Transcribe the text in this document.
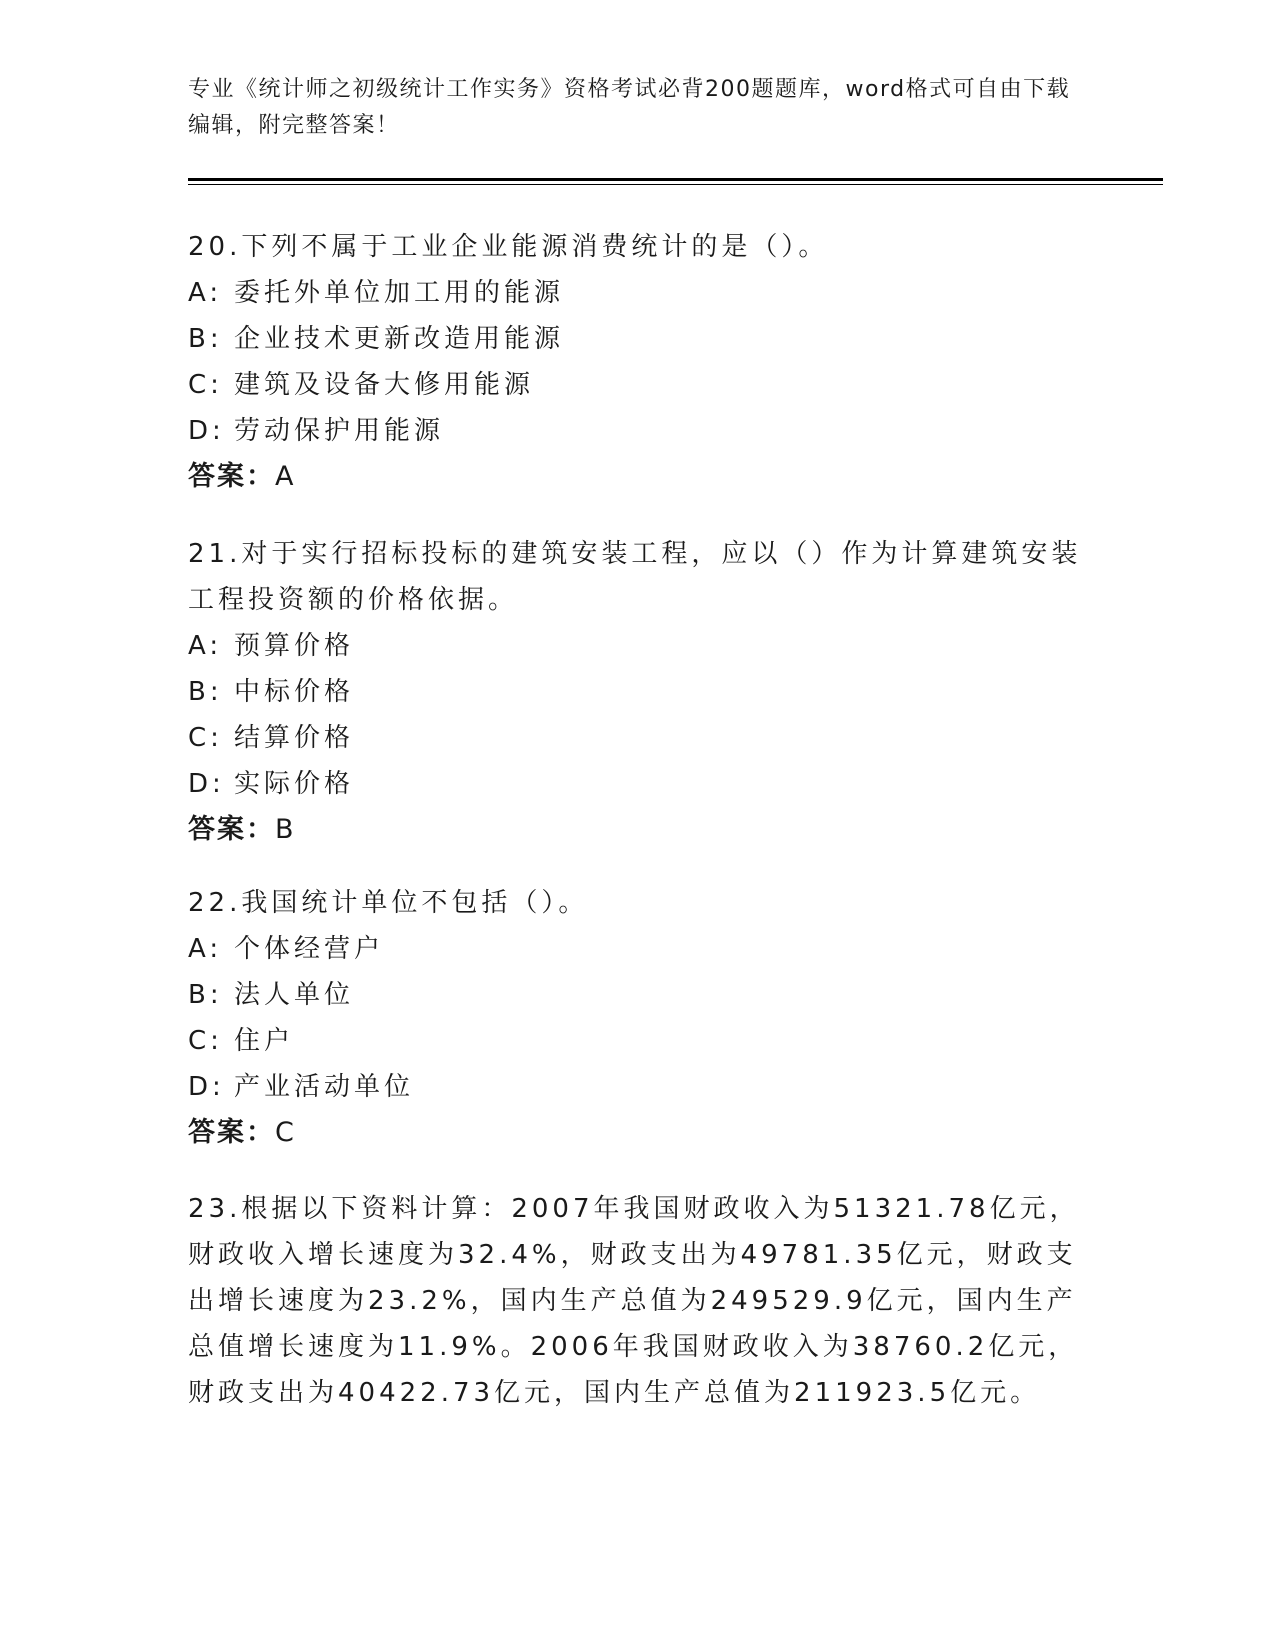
专业《统计师之初级统计工作实务》资格考试必背200题题库，word格式可自由下载编辑，附完整答案！

20.下列不属于工业企业能源消费统计的是（）。

A: 委托外单位加工用的能源

B: 企业技术更新改造用能源

C: 建筑及设备大修用能源

D: 劳动保护用能源

答案：A

21.对于实行招标投标的建筑安装工程，应以（）作为计算建筑安装工程投资额的价格依据。

A: 预算价格

B: 中标价格

C: 结算价格

D: 实际价格

答案：B

22.我国统计单位不包括（）。

A: 个体经营户

B: 法人单位

C: 住户

D: 产业活动单位

答案：C

23.根据以下资料计算：2007年我国财政收入为51321.78亿元，财政收入增长速度为32.4%，财政支出为49781.35亿元，财政支出增长速度为23.2%，国内生产总值为249529.9亿元，国内生产总值增长速度为11.9%。2006年我国财政收入为38760.2亿元，财政支出为40422.73亿元，国内生产总值为211923.5亿元。
